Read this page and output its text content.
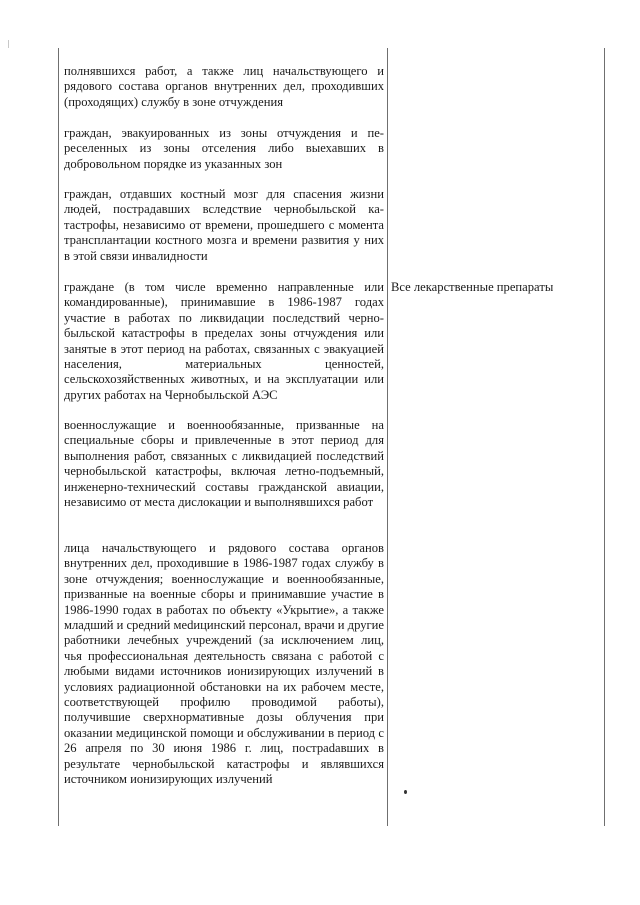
полнявшихся работ, а также лиц начальствующего и рядового состава органов внутренних дел, проходивших (проходящих) службу в зоне отчуждения
граждан, эвакуированных из зоны отчуждения и переселенных из зоны отселения либо выехавших в добровольном порядке из указанных зон
граждан, отдавших костный мозг для спасения жизни людей, пострадавших вследствие чернобыльской катастрофы, независимо от времени, прошедшего с момента трансплантации костного мозга и времени развития у них в этой связи инвалидности
граждане (в том числе временно направленные или командированные), принимавшие в 1986-1987 годах участие в работах по ликвидации последствий чернобыльской катастрофы в пределах зоны отчуждения или занятые в этот период на работах, связанных с эвакуацией населения, материальных ценностей, сельскохозяйственных животных, и на эксплуатации или других работах на Чернобыльской АЭС
военнослужащие и военнообязанные, призванные на специальные сборы и привлеченные в этот период для выполнения работ, связанных с ликвидацией последствий чернобыльской катастрофы, включая летно-подъемный, инженерно-технический составы гражданской авиации, независимо от места дислокации и выполнявшихся работ
лица начальствующего и рядового состава органов внутренних дел, проходившие в 1986-1987 годах службу в зоне отчуждения; военнослужащие и военнообязанные, призванные на военные сборы и принимавшие участие в 1986-1990 годах в работах по объекту «Укрытие», а также младший и средний меdицинский персонал, врачи и другие работники лечебных учреждений (за исключением лиц, чья профессиональная деятельность связана с работой с любыми видами источников ионизирующих излучений в условиях радиационной обстановки на их рабочем месте, соответствующей профилю проводимой работы), получившие сверхнормативные дозы облучения при оказании медицинской помощи и обслуживании в период с 26 апреля по 30 июня 1986 г. лиц, постраdавших в результате чернобыльской катастрофы и являвшихся источником ионизирующих излучений
Все лекарственные препараты
